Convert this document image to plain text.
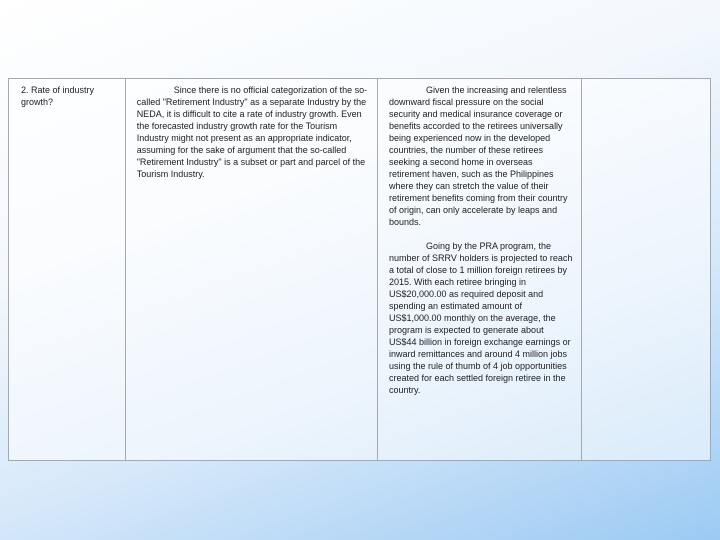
2. Rate of industry growth?

Since there is no official categorization of the so-called "Retirement Industry" as a separate Industry by the NEDA, it is difficult to cite a rate of industry growth. Even the forecasted industry growth rate for the Tourism Industry might not present as an appropriate indicator, assuming for the sake of argument that the so-called "Retirement Industry" is a subset or part and parcel of the Tourism Industry.

Given the increasing and relentless downward fiscal pressure on the social security and medical insurance coverage or benefits accorded to the retirees universally being experienced now in the developed countries, the number of these retirees seeking a second home in overseas retirement haven, such as the Philippines where they can stretch the value of their retirement benefits coming from their country of origin, can only accelerate by leaps and bounds.

Going by the PRA program, the number of SRRV holders is projected to reach a total of close to 1 million foreign retirees by 2015. With each retiree bringing in US$20,000.00 as required deposit and spending an estimated amount of US$1,000.00 monthly on the average, the program is expected to generate about US$44 billion in foreign exchange earnings or inward remittances and around 4 million jobs using the rule of thumb of 4 job opportunities created for each settled foreign retiree in the country.
